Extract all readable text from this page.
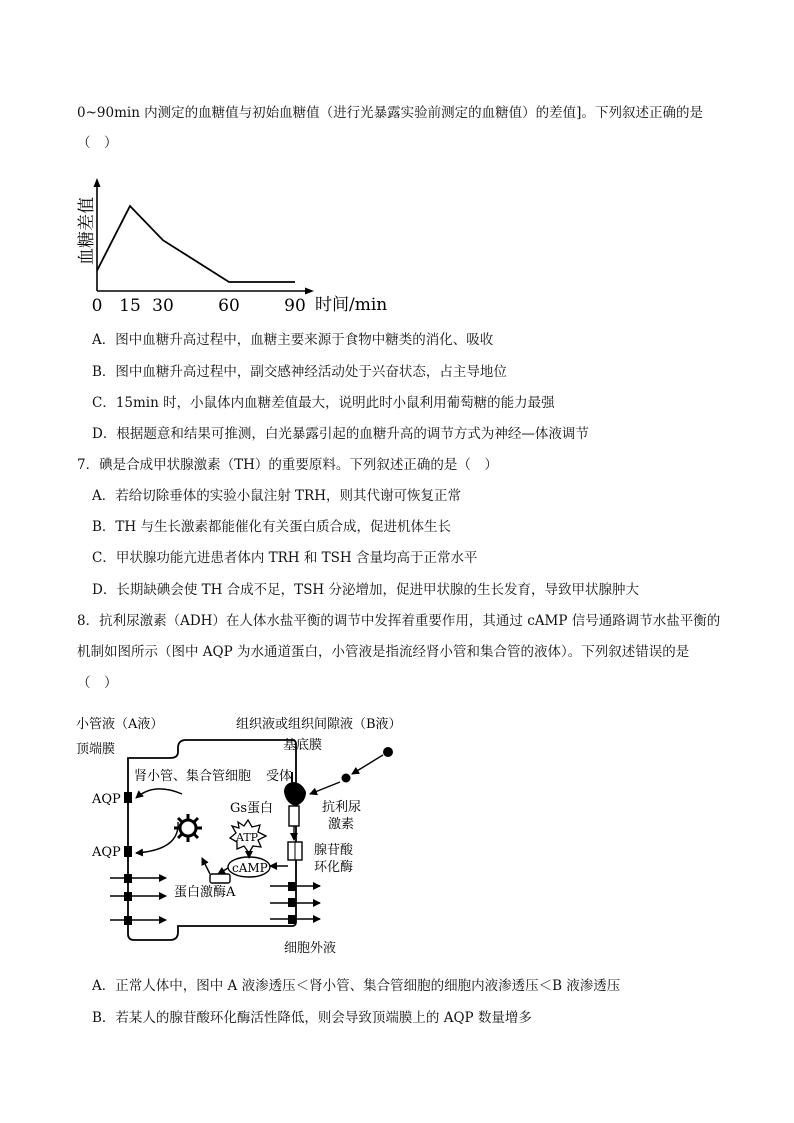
0~90min 内测定的血糖值与初始血糖值（进行光暴露实验前测定的血糖值）的差值]。下列叙述正确的是
（　）
血糖差值
时间/min
0 15 30	60	90
A．图中血糖升高过程中，血糖主要来源于食物中糖类的消化、吸收
B．图中血糖升高过程中，副交感神经活动处于兴奋状态，占主导地位
C．15min 时，小鼠体内血糖差值最大，说明此时小鼠利用葡萄糖的能力最强
D．根据题意和结果可推测，白光暴露引起的血糖升高的调节方式为神经—体液调节
7．碘是合成甲状腺激素（TH）的重要原料。下列叙述正确的是（　）
A．若给切除垂体的实验小鼠注射 TRH，则其代谢可恢复正常
B．TH 与生长激素都能催化有关蛋白质合成，促进机体生长
C．甲状腺功能亢进患者体内 TRH 和 TSH 含量均高于正常水平
D．长期缺碘会使 TH 合成不足，TSH 分泌增加，促进甲状腺的生长发育，导致甲状腺肿大
8．抗利尿激素（ADH）在人体水盐平衡的调节中发挥着重要作用，其通过 cAMP 信号通路调节水盐平衡的
机制如图所示（图中 AQP 为水通道蛋白，小管液是指流经肾小管和集合管的液体）。下列叙述错误的是
（　）
小管液（A液）	组织液或组织间隙液（B液）
顶端膜	基底膜
肾小管、集合管细胞 受体
AQP
AQP
Gs蛋白	抗利尿
激素
腺苷酸
环化酶
蛋白激酶A
细胞外液
ATP
cAMP
A．正常人体中，图中 A 液渗透压＜肾小管、集合管细胞的细胞内液渗透压＜B 液渗透压
B．若某人的腺苷酸环化酶活性降低，则会导致顶端膜上的 AQP 数量增多
